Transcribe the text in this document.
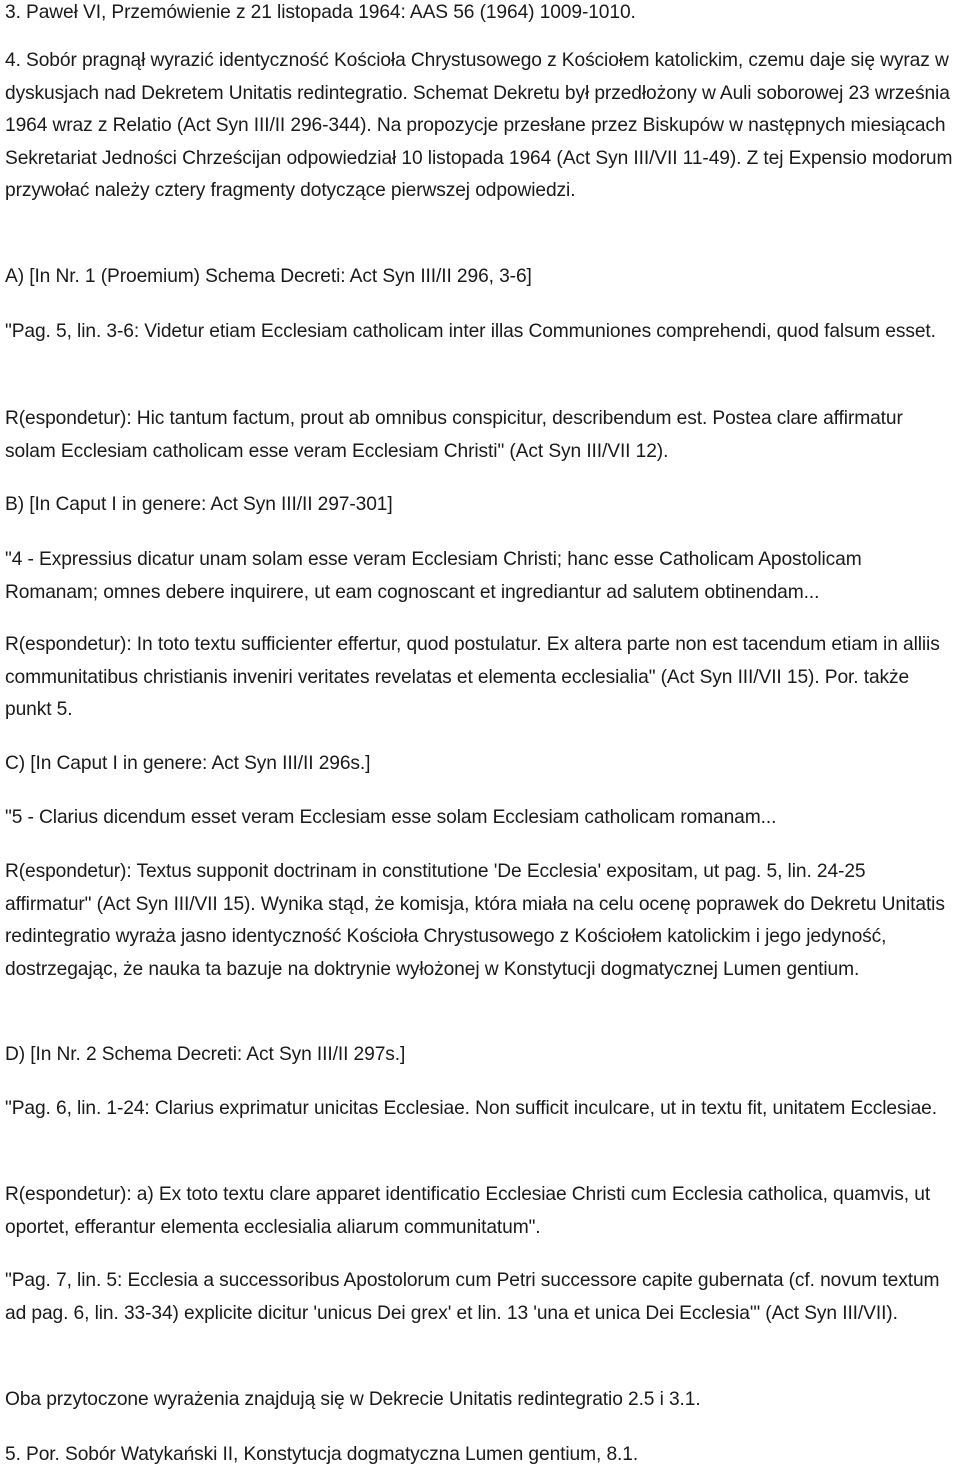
3. Paweł VI, Przemówienie z 21 listopada 1964: AAS 56 (1964) 1009-1010.

4. Sobór pragnął wyrazić identyczność Kościoła Chrystusowego z Kościołem katolickim, czemu daje się wyraz w dyskusjach nad Dekretem Unitatis redintegratio. Schemat Dekretu był przedłożony w Auli soborowej 23 września 1964 wraz z Relatio (Act Syn III/II 296-344). Na propozycje przesłane przez Biskupów w następnych miesiącach Sekretariat Jedności Chrześcijan odpowiedział 10 listopada 1964 (Act Syn III/VII 11-49). Z tej Expensio modorum przywołać należy cztery fragmenty dotyczące pierwszej odpowiedzi.

A) [In Nr. 1 (Proemium) Schema Decreti: Act Syn III/II 296, 3-6]

"Pag. 5, lin. 3-6: Videtur etiam Ecclesiam catholicam inter illas Communiones comprehendi, quod falsum esset.

R(espondetur): Hic tantum factum, prout ab omnibus conspicitur, describendum est. Postea clare affirmatur solam Ecclesiam catholicam esse veram Ecclesiam Christi" (Act Syn III/VII 12).

B) [In Caput I in genere: Act Syn III/II 297-301]

"4 - Expressius dicatur unam solam esse veram Ecclesiam Christi; hanc esse Catholicam Apostolicam Romanam; omnes debere inquirere, ut eam cognoscant et ingrediantur ad salutem obtinendam...

R(espondetur): In toto textu sufficienter effertur, quod postulatur. Ex altera parte non est tacendum etiam in alliis communitatibus christianis inveniri veritates revelatas et elementa ecclesialia" (Act Syn III/VII 15). Por. także punkt 5.

C) [In Caput I in genere: Act Syn III/II 296s.]

"5 - Clarius dicendum esset veram Ecclesiam esse solam Ecclesiam catholicam romanam...

R(espondetur): Textus supponit doctrinam in constitutione 'De Ecclesia' expositam, ut pag. 5, lin. 24-25 affirmatur" (Act Syn III/VII 15). Wynika stąd, że komisja, która miała na celu ocenę poprawek do Dekretu Unitatis redintegratio wyraża jasno identyczność Kościoła Chrystusowego z Kościołem katolickim i jego jedyność, dostrzegając, że nauka ta bazuje na doktrynie wyłożonej w Konstytucji dogmatycznej Lumen gentium.

D) [In Nr. 2 Schema Decreti: Act Syn III/II 297s.]

"Pag. 6, lin. 1-24: Clarius exprimatur unicitas Ecclesiae. Non sufficit inculcare, ut in textu fit, unitatem Ecclesiae.

R(espondetur): a) Ex toto textu clare apparet identificatio Ecclesiae Christi cum Ecclesia catholica, quamvis, ut oportet, efferantur elementa ecclesialia aliarum communitatum".

"Pag. 7, lin. 5: Ecclesia a successoribus Apostolorum cum Petri successore capite gubernata (cf. novum textum ad pag. 6, lin. 33-34) explicite dicitur 'unicus Dei grex' et lin. 13 'una et unica Dei Ecclesia'" (Act Syn III/VII).

Oba przytoczone wyrażenia znajdują się w Dekrecie Unitatis redintegratio 2.5 i 3.1.

5. Por. Sobór Watykański II, Konstytucja dogmatyczna Lumen gentium, 8.1.
